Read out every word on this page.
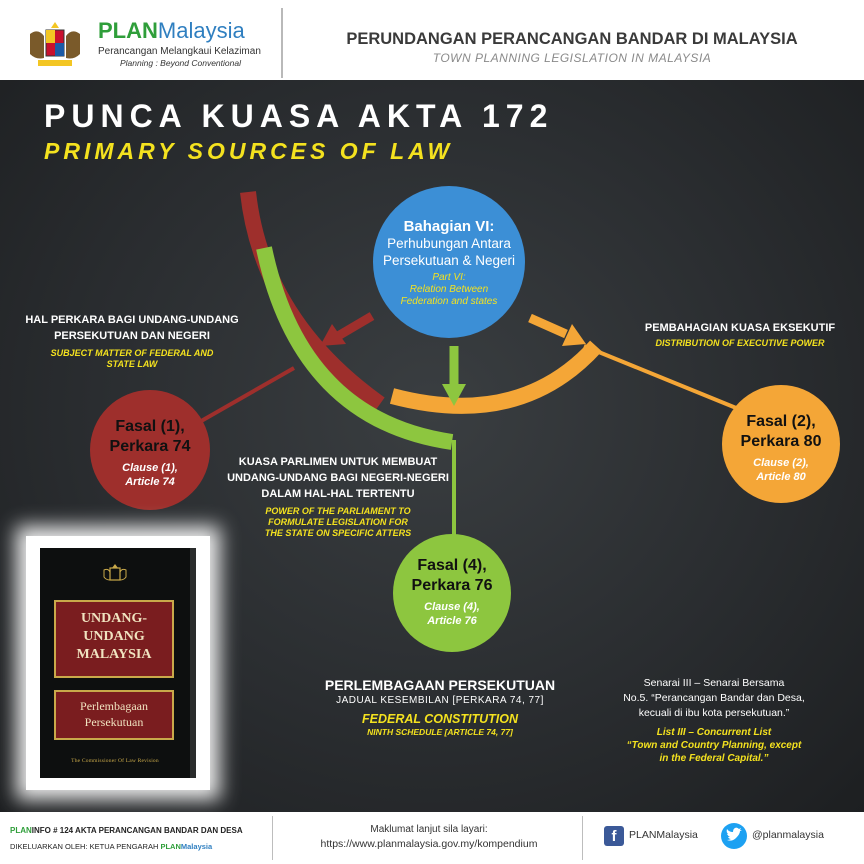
PLANMalaysia
Perancangan Melangkaui Kelaziman
Planning : Beyond Conventional
PERUNDANGAN PERANCANGAN BANDAR DI MALAYSIA
TOWN PLANNING LEGISLATION IN MALAYSIA
PUNCA KUASA AKTA 172
PRIMARY SOURCES OF LAW
Bahagian VI:
Perhubungan Antara
Persekutuan & Negeri
Part VI:
Relation Between
Federation and states
HAL PERKARA BAGI UNDANG-UNDANG
PERSEKUTUAN DAN NEGERI
SUBJECT MATTER OF FEDERAL AND
STATE LAW
Fasal (1),
Perkara 74
Clause (1),
Article 74
KUASA PARLIMEN UNTUK MEMBUAT
UNDANG-UNDANG BAGI NEGERI-NEGERI
DALAM HAL-HAL TERTENTU
POWER OF THE PARLIAMENT TO
FORMULATE LEGISLATION FOR
THE STATE ON SPECIFIC ATTERS
Fasal (4),
Perkara 76
Clause (4),
Article 76
PEMBAHAGIAN KUASA EKSEKUTIF
DISTRIBUTION OF EXECUTIVE POWER
Fasal (2),
Perkara 80
Clause (2),
Article 80
PERLEMBAGAAN PERSEKUTUAN
JADUAL KESEMBILAN [PERKARA 74, 77]
FEDERAL CONSTITUTION
NINTH SCHEDULE [ARTICLE 74, 77]
Senarai III – Senarai Bersama
No.5. “Perancangan Bandar dan Desa,
kecuali di ibu kota persekutuan.”
List III – Concurrent List
“Town and Country Planning, except
in the Federal Capital.”
UNDANG-
UNDANG
MALAYSIA
Perlembagaan
Persekutuan
The Commissioner Of Law Revision
PLANINFO # 124 AKTA PERANCANGAN BANDAR DAN DESA
DIKELUARKAN OLEH: KETUA PENGARAH PLANMalaysia
Maklumat lanjut sila layari:
https://www.planmalaysia.gov.my/kompendium	f	PLANMalaysia	@planmalaysia
